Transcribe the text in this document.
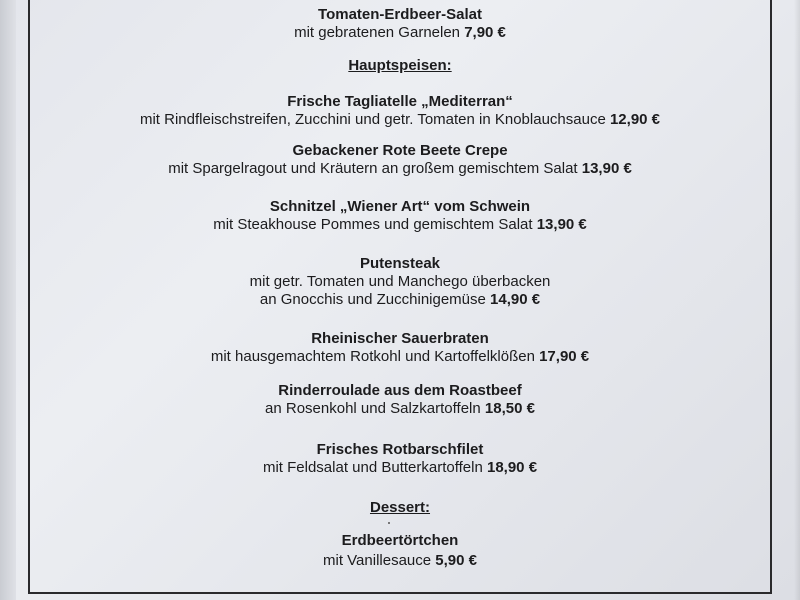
Tomaten-Erdbeer-Salat
mit gebratenen Garnelen 7,90 €
Hauptspeisen:
Frische Tagliatelle „Mediterran“
mit Rindfleischstreifen, Zucchini und getr. Tomaten in Knoblauchsauce 12,90 €
Gebackener Rote Beete Crepe
mit Spargelragout und Kräutern an großem gemischtem Salat 13,90 €
Schnitzel „Wiener Art“ vom Schwein
mit Steakhouse Pommes und gemischtem Salat 13,90 €
Putensteak
mit getr. Tomaten und Manchego überbacken
an Gnocchis und Zucchinigemüse 14,90 €
Rheinischer Sauerbraten
mit hausgemachtem Rotkohl und Kartoffelklößen 17,90 €
Rinderroulade aus dem Roastbeef
an Rosenkohl und Salzkartoffeln 18,50 €
Frisches Rotbarschfilet
mit Feldsalat und Butterkartoffeln 18,90 €
Dessert:
Erdbeertörtchen
mit Vanillesauce 5,90 €
